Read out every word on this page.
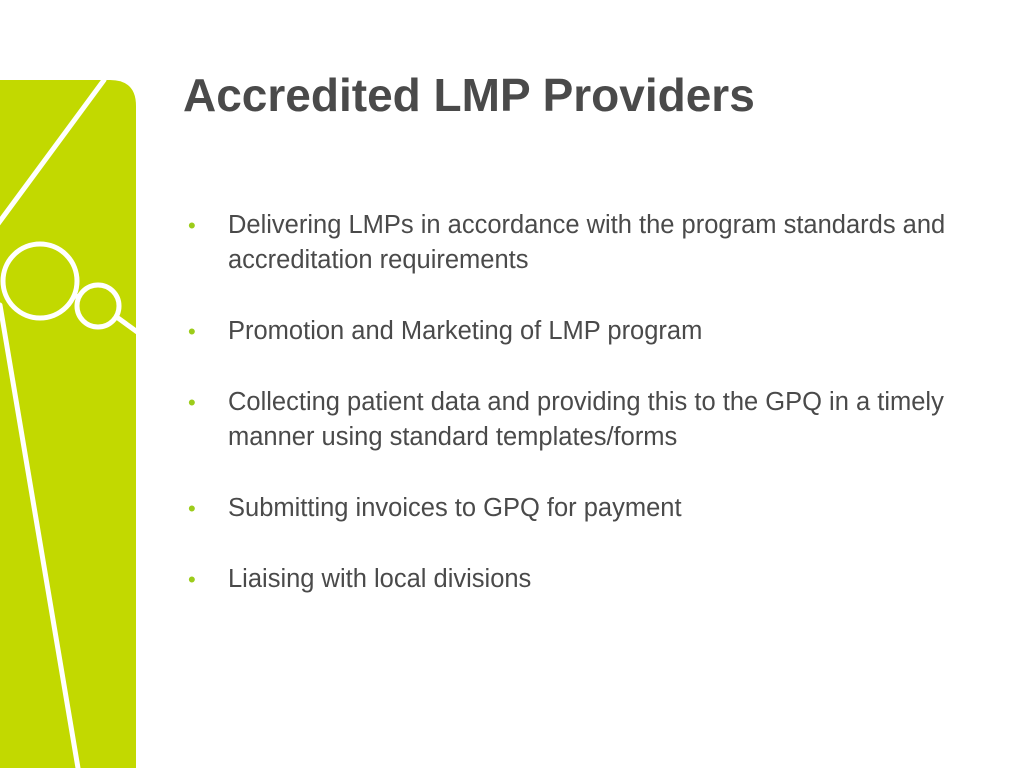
Accredited LMP Providers
•	Delivering LMPs in accordance with the program standards and accreditation requirements
•	Promotion and Marketing of LMP program
•	Collecting patient data and providing this to the GPQ in a timely manner using standard templates/forms
•	Submitting invoices to GPQ for payment
•	Liaising with local divisions
